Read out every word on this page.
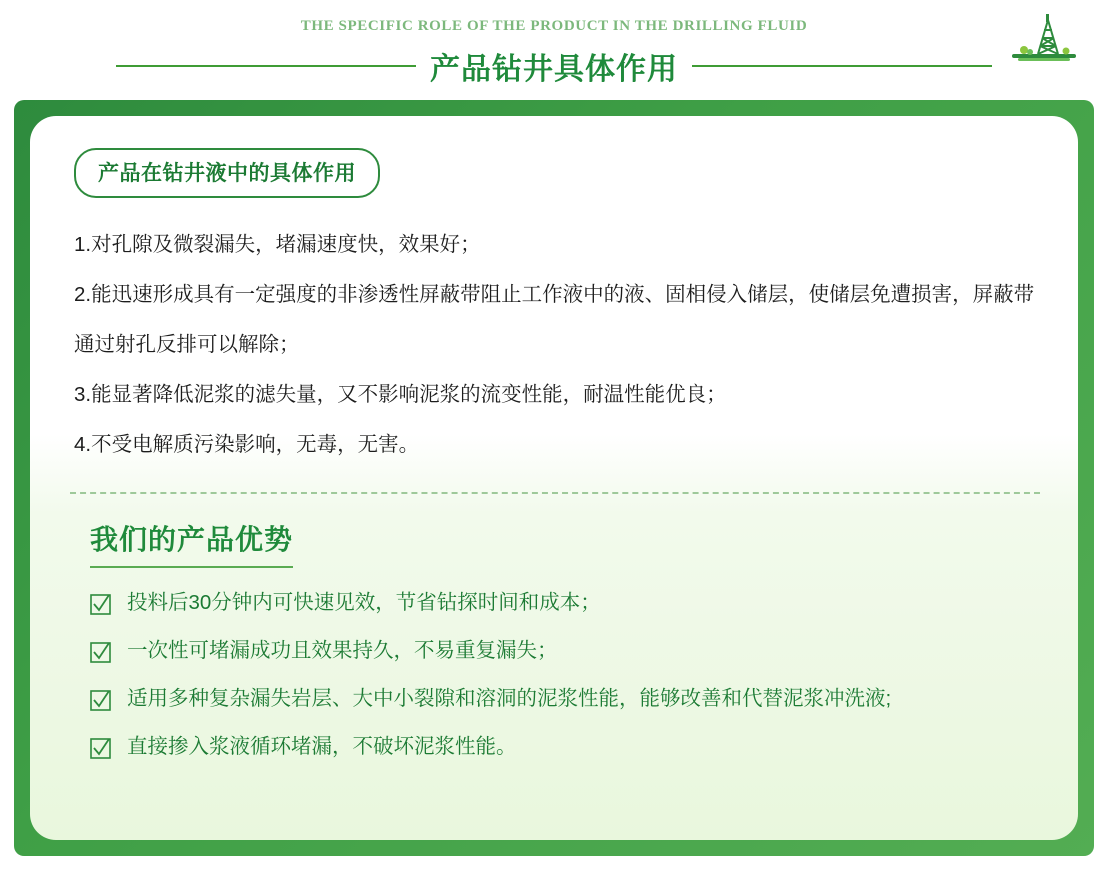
THE SPECIFIC ROLE OF THE PRODUCT IN THE DRILLING FLUID
产品钻井具体作用
产品在钻井液中的具体作用
1.对孔隙及微裂漏失，堵漏速度快，效果好；
2.能迅速形成具有一定强度的非渗透性屏蔽带阻止工作液中的液、固相侵入储层，使储层免遭损害，屏蔽带通过射孔反排可以解除；
3.能显著降低泥浆的滤失量，又不影响泥浆的流变性能，耐温性能优良；
4.不受电解质污染影响，无毒，无害。
我们的产品优势
投料后30分钟内可快速见效，节省钻探时间和成本；
一次性可堵漏成功且效果持久，不易重复漏失；
适用多种复杂漏失岩层、大中小裂隙和溶洞的泥浆性能，能够改善和代替泥浆冲洗液;
直接掺入浆液循环堵漏，不破坏泥浆性能。
